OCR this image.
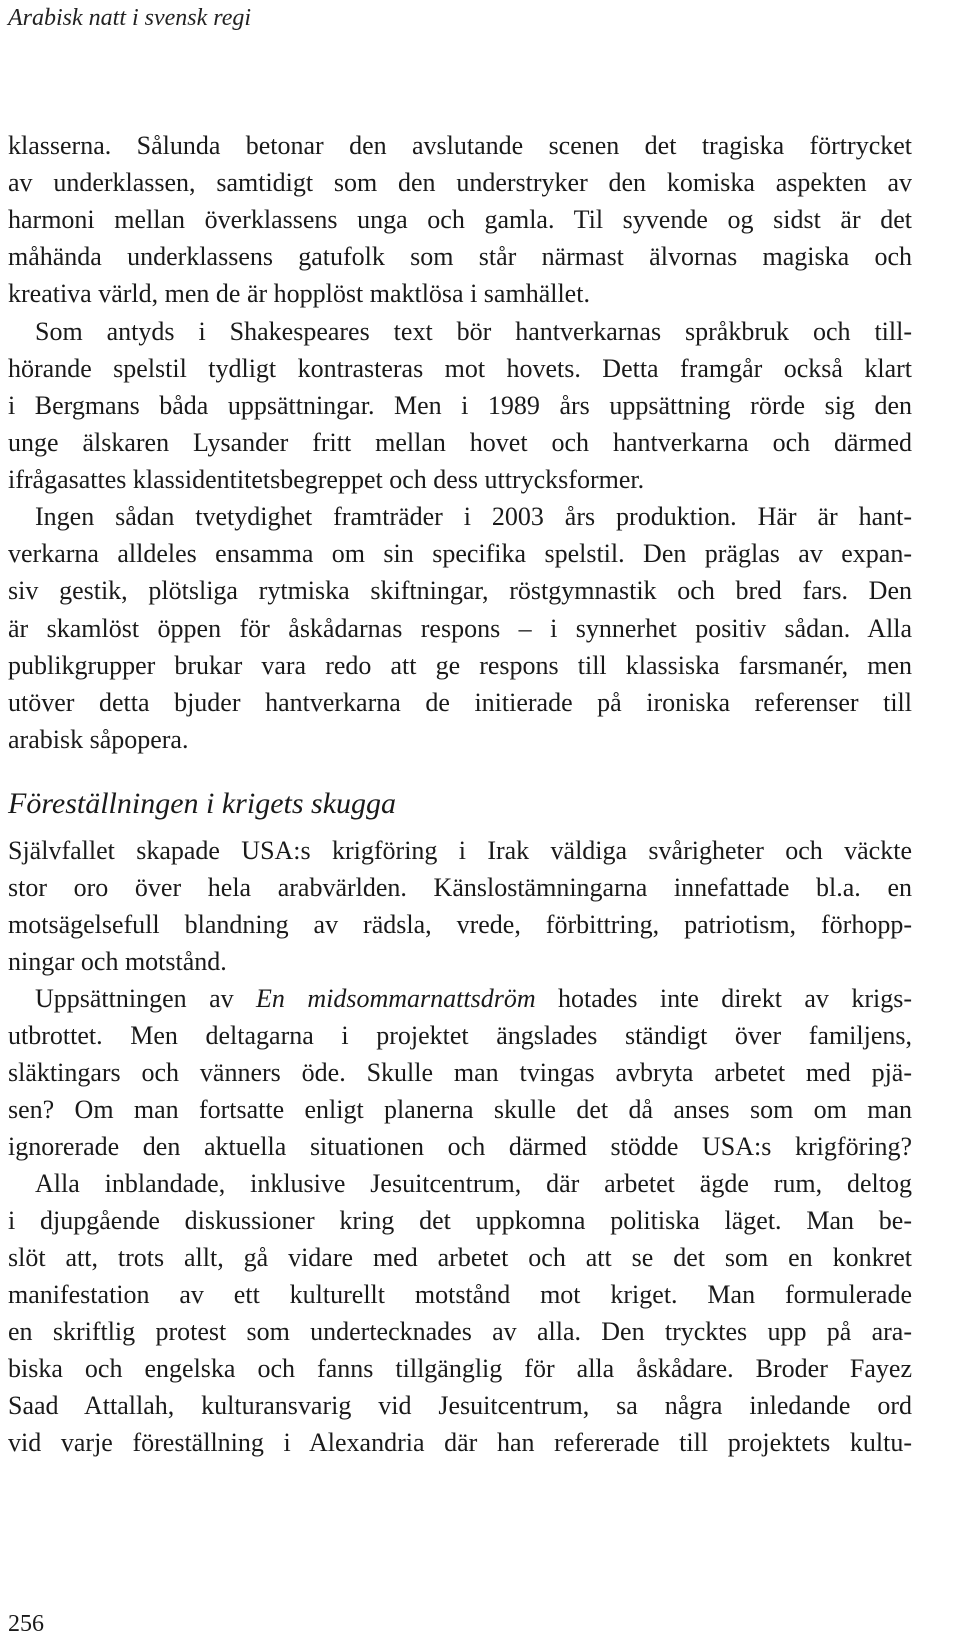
Arabisk natt i svensk regi
klasserna. Sålunda betonar den avslutande scenen det tragiska förtrycket
av underklassen, samtidigt som den understryker den komiska aspekten av
harmoni mellan överklassens unga och gamla. Til syvende og sidst är det
måhända underklassens gatufolk som står närmast älvornas magiska och
kreativa värld, men de är hopplöst maktlösa i samhället.
Som antyds i Shakespeares text bör hantverkarnas språkbruk och till-
hörande spelstil tydligt kontrasteras mot hovets. Detta framgår också klart
i Bergmans båda uppsättningar. Men i 1989 års uppsättning rörde sig den
unge älskaren Lysander fritt mellan hovet och hantverkarna och därmed
ifrågasattes klassidentitetsbegreppet och dess uttrycksformer.
Ingen sådan tvetydighet framträder i 2003 års produktion. Här är hant-
verkarna alldeles ensamma om sin specifika spelstil. Den präglas av expan-
siv gestik, plötsliga rytmiska skiftningar, röstgymnastik och bred fars. Den
är skamlöst öppen för åskådarnas respons – i synnerhet positiv sådan. Alla
publikgrupper brukar vara redo att ge respons till klassiska farsmanér, men
utöver detta bjuder hantverkarna de initierade på ironiska referenser till
arabisk såpopera.
Föreställningen i krigets skugga
Självfallet skapade USA:s krigföring i Irak väldiga svårigheter och väckte
stor oro över hela arabvärlden. Känslostämningarna innefattade bl.a. en
motsägelsefull blandning av rädsla, vrede, förbittring, patriotism, förhopp-
ningar och motstånd.
Uppsättningen av En midsommarnattsdröm hotades inte direkt av krigs-
utbrottet. Men deltagarna i projektet ängslades ständigt över familjens,
släktingars och vänners öde. Skulle man tvingas avbryta arbetet med pjä-
sen? Om man fortsatte enligt planerna skulle det då anses som om man
ignorerade den aktuella situationen och därmed stödde USA:s krigföring?
Alla inblandade, inklusive Jesuitcentrum, där arbetet ägde rum, deltog
i djupgående diskussioner kring det uppkomna politiska läget. Man be-
slöt att, trots allt, gå vidare med arbetet och att se det som en konkret
manifestation av ett kulturellt motstånd mot kriget. Man formulerade
en skriftlig protest som undertecknades av alla. Den trycktes upp på ara-
biska och engelska och fanns tillgänglig för alla åskådare. Broder Fayez
Saad Attallah, kulturansvarig vid Jesuitcentrum, sa några inledande ord
vid varje föreställning i Alexandria där han refererade till projektets kultu-
256
